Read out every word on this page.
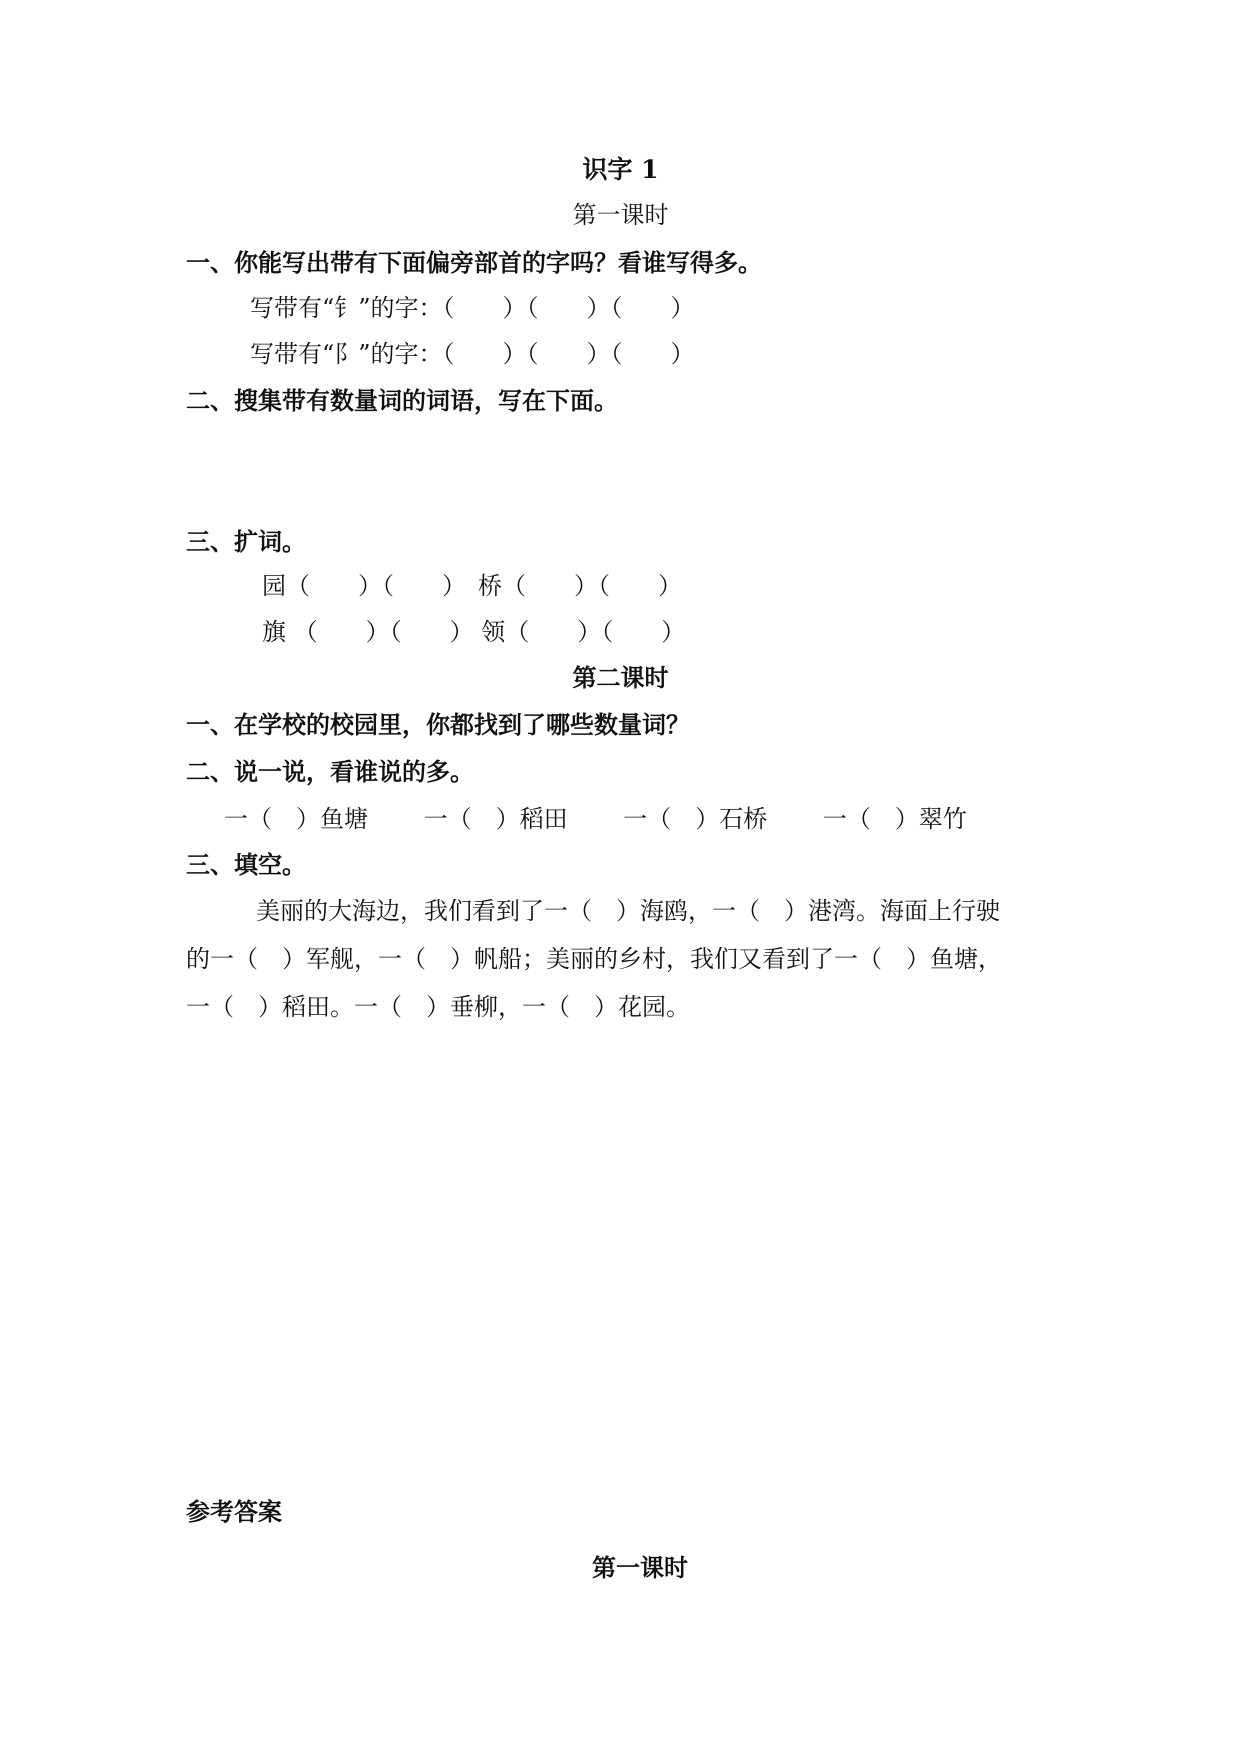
识字 1
第一课时
一、你能写出带有下面偏旁部首的字吗？看谁写得多。
写带有“钅”的字：（　　）（　　）（　　）
写带有“阝”的字：（　　）（　　）（　　）
二、搜集带有数量词的词语，写在下面。
三、扩词。
园（　　）（　　）　桥（　　）（　　）
旗 （　　）（　　） 领（　　）（　　）
第二课时
一、在学校的校园里，你都找到了哪些数量词？
二、说一说，看谁说的多。
一（　）鱼塘　　 一（　）稻田　　 一（　）石桥　　 一（　）翠竹
三、填空。
美丽的大海边，我们看到了一（　）海鸥，一（　）港湾。海面上行驶
的一（　）军舰，一（　）帆船；美丽的乡村，我们又看到了一（　）鱼塘，
一（　）稻田。一（　）垂柳，一（　）花园。
参考答案
第一课时
